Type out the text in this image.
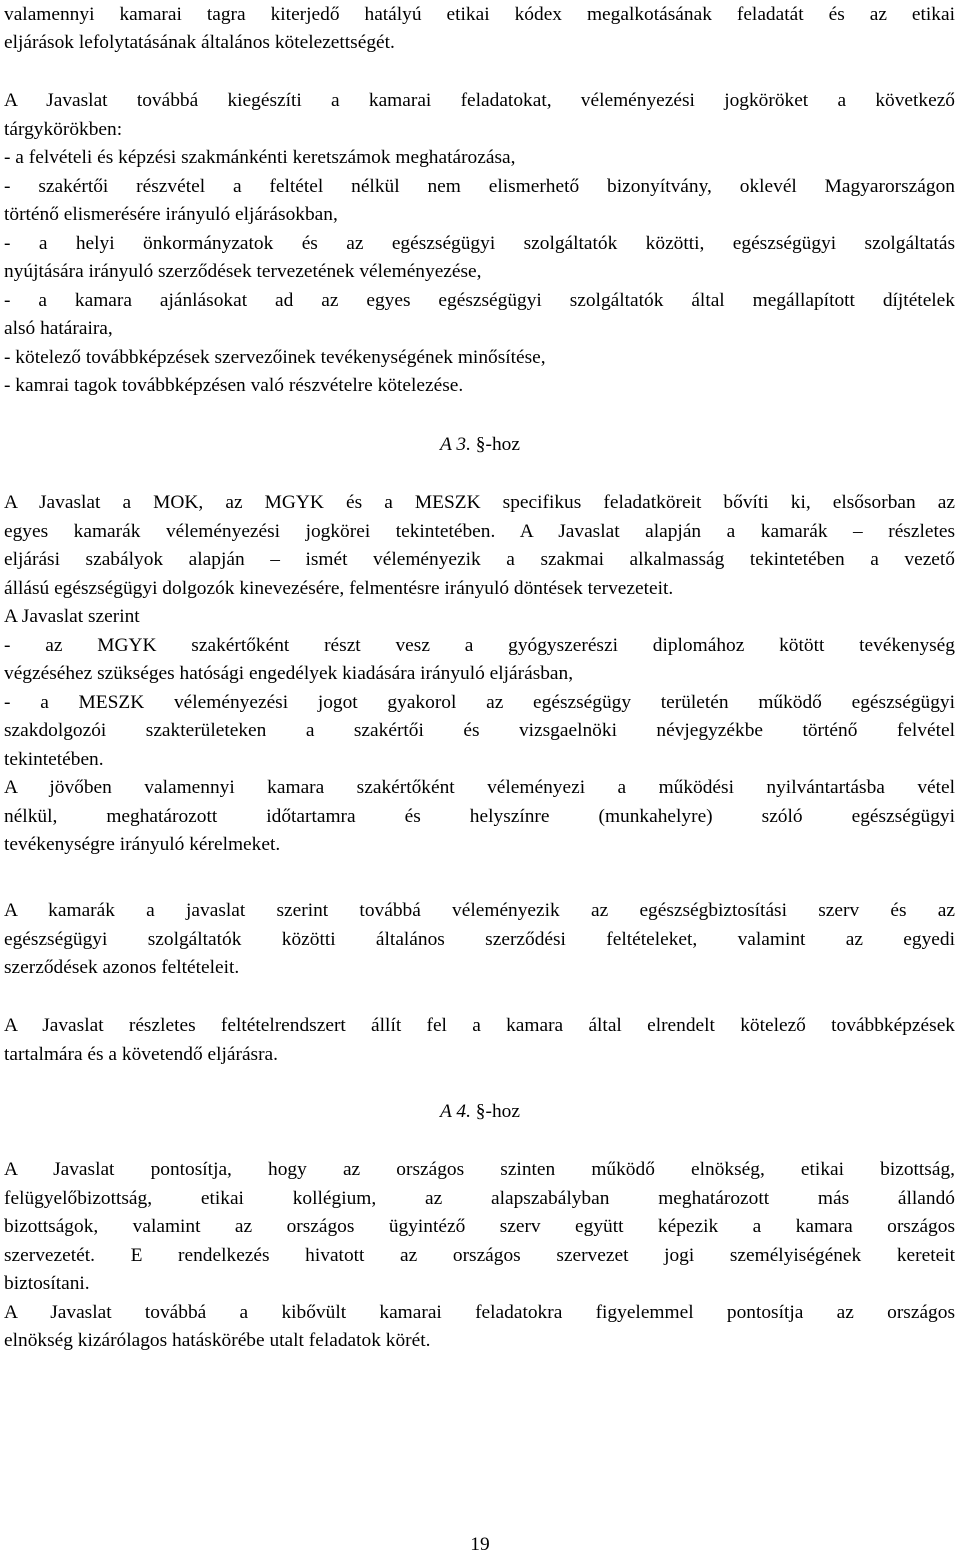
valamennyi kamarai tagra kiterjedő hatályú etikai kódex megalkotásának feladatát és az etikai
eljárások lefolytatásának általános kötelezettségét.
A Javaslat továbbá kiegészíti a kamarai feladatokat, véleményezési jogköröket a következő
tárgykörökben:
- a felvételi és képzési szakmánkénti keretszámok meghatározása,
- szakértői részvétel a feltétel nélkül nem elismerhető bizonyítvány, oklevél Magyarországon
történő elismerésére irányuló eljárásokban,
- a helyi önkormányzatok és az egészségügyi szolgáltatók közötti, egészségügyi szolgáltatás
nyújtására irányuló szerződések tervezetének véleményezése,
- a kamara ajánlásokat ad az egyes egészségügyi szolgáltatók által megállapított díjtételek
alsó határaira,
- kötelező továbbképzések szervezőinek tevékenységének minősítése,
- kamrai tagok továbbképzésen való részvételre kötelezése.
A 3. §-hoz
A Javaslat a MOK, az MGYK és a MESZK specifikus feladatköreit bővíti ki, elsősorban az
egyes kamarák véleményezési jogkörei tekintetében. A Javaslat alapján a kamarák – részletes
eljárási szabályok alapján – ismét véleményezik a szakmai alkalmasság tekintetében a vezető
állású egészségügyi dolgozók kinevezésére, felmentésre irányuló döntések tervezeteit.
A Javaslat szerint
- az MGYK szakértőként részt vesz a gyógyszerészi diplomához kötött tevékenység
végzéséhez szükséges hatósági engedélyek kiadására irányuló eljárásban,
- a MESZK véleményezési jogot gyakorol az egészségügy területén működő egészségügyi
szakdolgozói szakterületeken a szakértői és vizsgaelnöki névjegyzékbe történő felvétel
tekintetében.
A jövőben valamennyi kamara szakértőként véleményezi a működési nyilvántartásba vétel
nélkül, meghatározott időtartamra és helyszínre (munkahelyre) szóló egészségügyi
tevékenységre irányuló kérelmeket.
A kamarák a javaslat szerint továbbá véleményezik az egészségbiztosítási szerv és az
egészségügyi szolgáltatók közötti általános szerződési feltételeket, valamint az egyedi
szerződések azonos feltételeit.
A Javaslat részletes feltételrendszert állít fel a kamara által elrendelt kötelező továbbképzések
tartalmára és a követendő eljárásra.
A 4. §-hoz
A Javaslat pontosítja, hogy az országos szinten működő elnökség, etikai bizottság,
felügyelőbizottság, etikai kollégium, az alapszabályban meghatározott más állandó
bizottságok, valamint az országos ügyintéző szerv együtt képezik a kamara országos
szervezetét. E rendelkezés hivatott az országos szervezet jogi személyiségének kereteit
biztosítani.
A Javaslat továbbá a kibővült kamarai feladatokra figyelemmel pontosítja az országos
elnökség kizárólagos hatáskörébe utalt feladatok körét.
19
